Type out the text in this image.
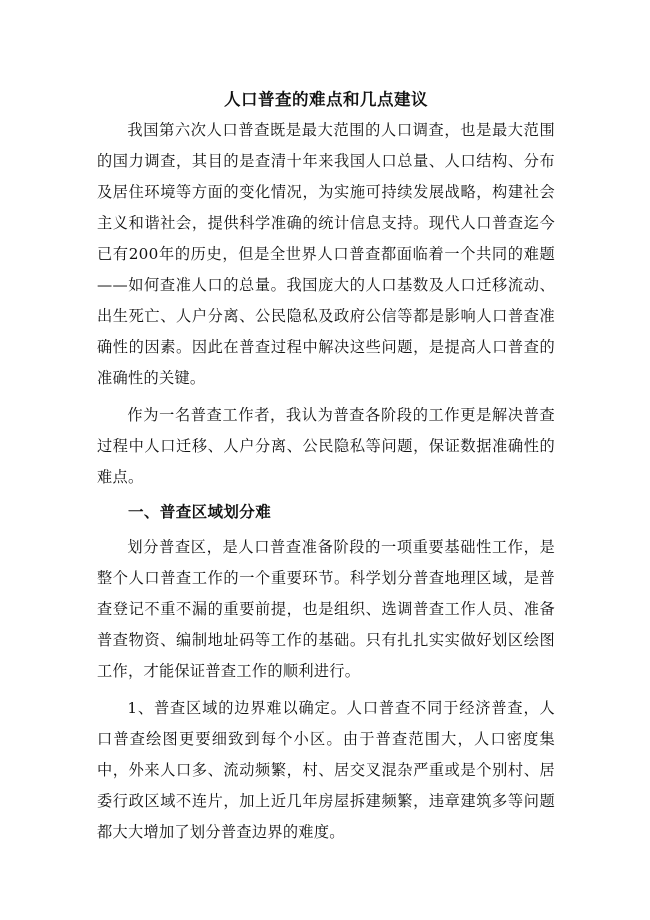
人口普查的难点和几点建议

我国第六次人口普查既是最大范围的人口调查，也是最大范围的国力调查，其目的是查清十年来我国人口总量、人口结构、分布及居住环境等方面的变化情况，为实施可持续发展战略，构建社会主义和谐社会，提供科学准确的统计信息支持。现代人口普查迄今已有200年的历史，但是全世界人口普查都面临着一个共同的难题——如何查准人口的总量。我国庞大的人口基数及人口迁移流动、出生死亡、人户分离、公民隐私及政府公信等都是影响人口普查准确性的因素。因此在普查过程中解决这些问题，是提高人口普查的准确性的关键。

作为一名普查工作者，我认为普查各阶段的工作更是解决普查过程中人口迁移、人户分离、公民隐私等问题，保证数据准确性的难点。

一、普查区域划分难

划分普查区，是人口普查准备阶段的一项重要基础性工作，是整个人口普查工作的一个重要环节。科学划分普查地理区域，是普查登记不重不漏的重要前提，也是组织、选调普查工作人员、准备普查物资、编制地址码等工作的基础。只有扎扎实实做好划区绘图工作，才能保证普查工作的顺利进行。

1、普查区域的边界难以确定。人口普查不同于经济普查，人口普查绘图更要细致到每个小区。由于普查范围大，人口密度集中，外来人口多、流动频繁，村、居交叉混杂严重或是个别村、居委行政区域不连片，加上近几年房屋拆建频繁，违章建筑多等问题都大大增加了划分普查边界的难度。
